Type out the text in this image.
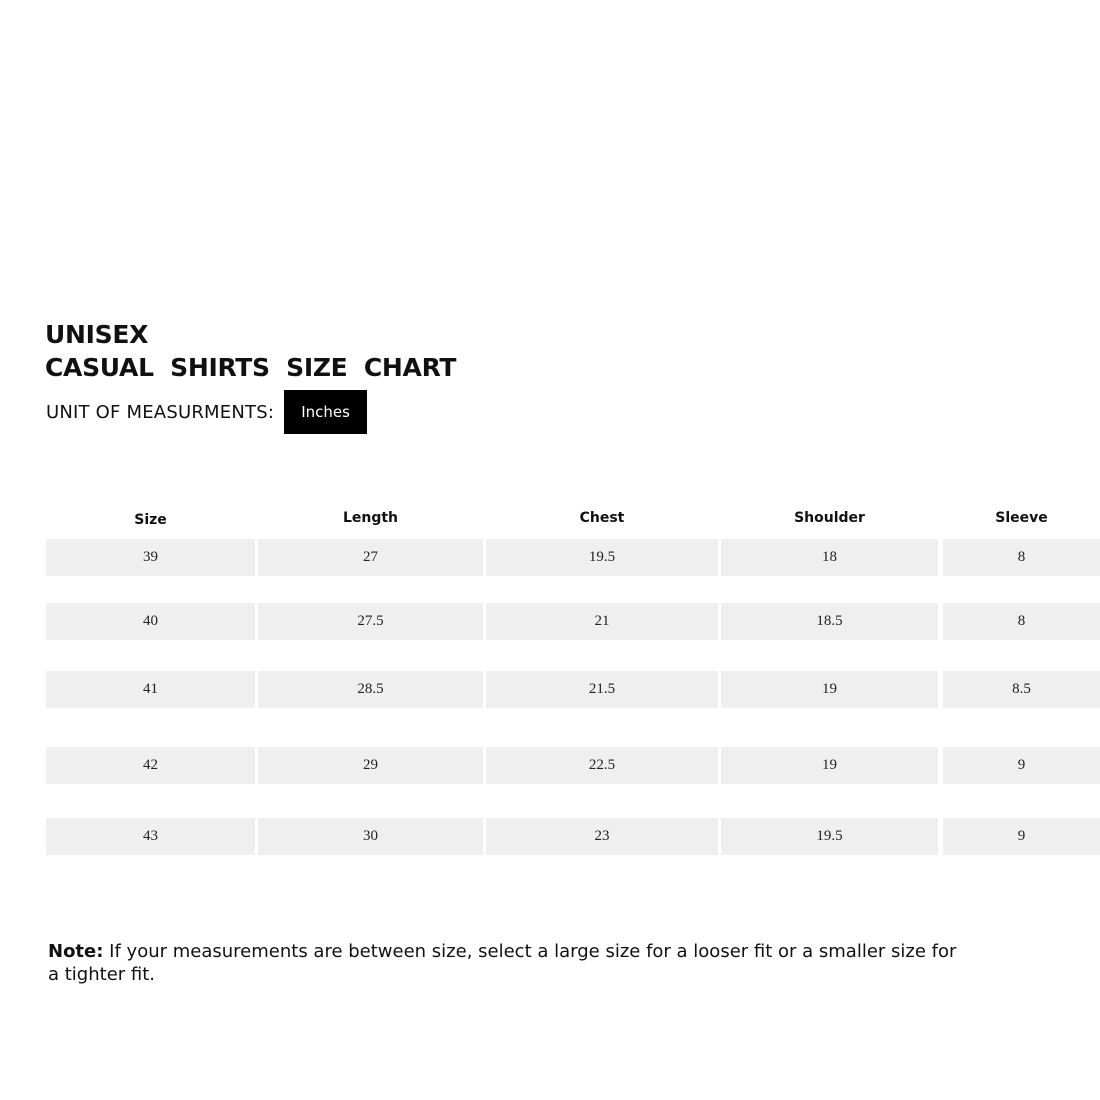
UNISEX
CASUAL SHIRTS SIZE CHART
UNIT OF MEASURMENTS:	Inches
Size	Length	Chest	Shoulder	Sleeve
39	27	19.5	18	8
40	27.5	21	18.5	8
41	28.5	21.5	19	8.5
42	29	22.5	19	9
43	30	23	19.5	9
Note: If your measurements are between size, select a large size for a looser fit or a smaller size for a tighter fit.
